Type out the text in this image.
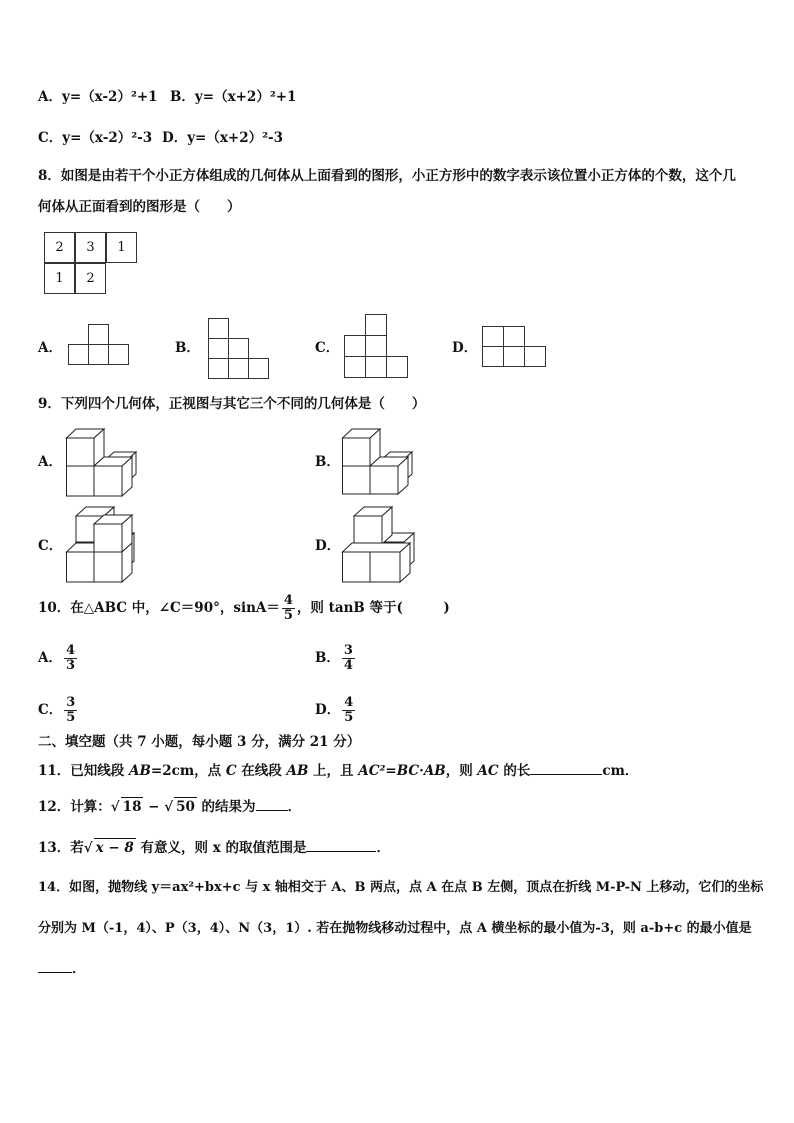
A．y=（x-2）²+1 B．y=（x+2）²+1
C．y=（x-2）²-3 D．y=（x+2）²-3
8．如图是由若干个小正方体组成的几何体从上面看到的图形，小正方形中的数字表示该位置小正方体的个数，这个几
何体从正面看到的图形是（　　）
2	3	1
1	2
A．	B．	C．	D．
9．下列四个几何体，正视图与其它三个不同的几何体是（　　）
A．	B．
C．	D．
10．在△ABC 中，∠C＝90°，$\sin A= \frac{4}{5}$ ，则 tanB 等于(　　　)
A． $\frac{4}{3}$	B． $\frac{3}{4}$
C． $\frac{3}{5}$	D． $\frac{4}{5}$
二、填空题（共 7 小题，每小题 3 分，满分 21 分）
11．已知线段 AB=2cm，点 C 在线段 AB 上，且 AC²=BC·AB，则 AC 的长	cm．
12．计算：√ 18 − √ 50 的结果为 ．
13．若√ x − 8 有意义，则 x 的取值范围是	．
14．如图，抛物线 y＝ax²+bx+c 与 x 轴相交于 A、B 两点，点 A 在点 B 左侧，顶点在折线 M-P-N 上移动，它们的坐标
分别为 M（-1，4）、P（3，4）、N（3，1）. 若在抛物线移动过程中，点 A 横坐标的最小值为-3，则 a-b+c 的最小值是
．
